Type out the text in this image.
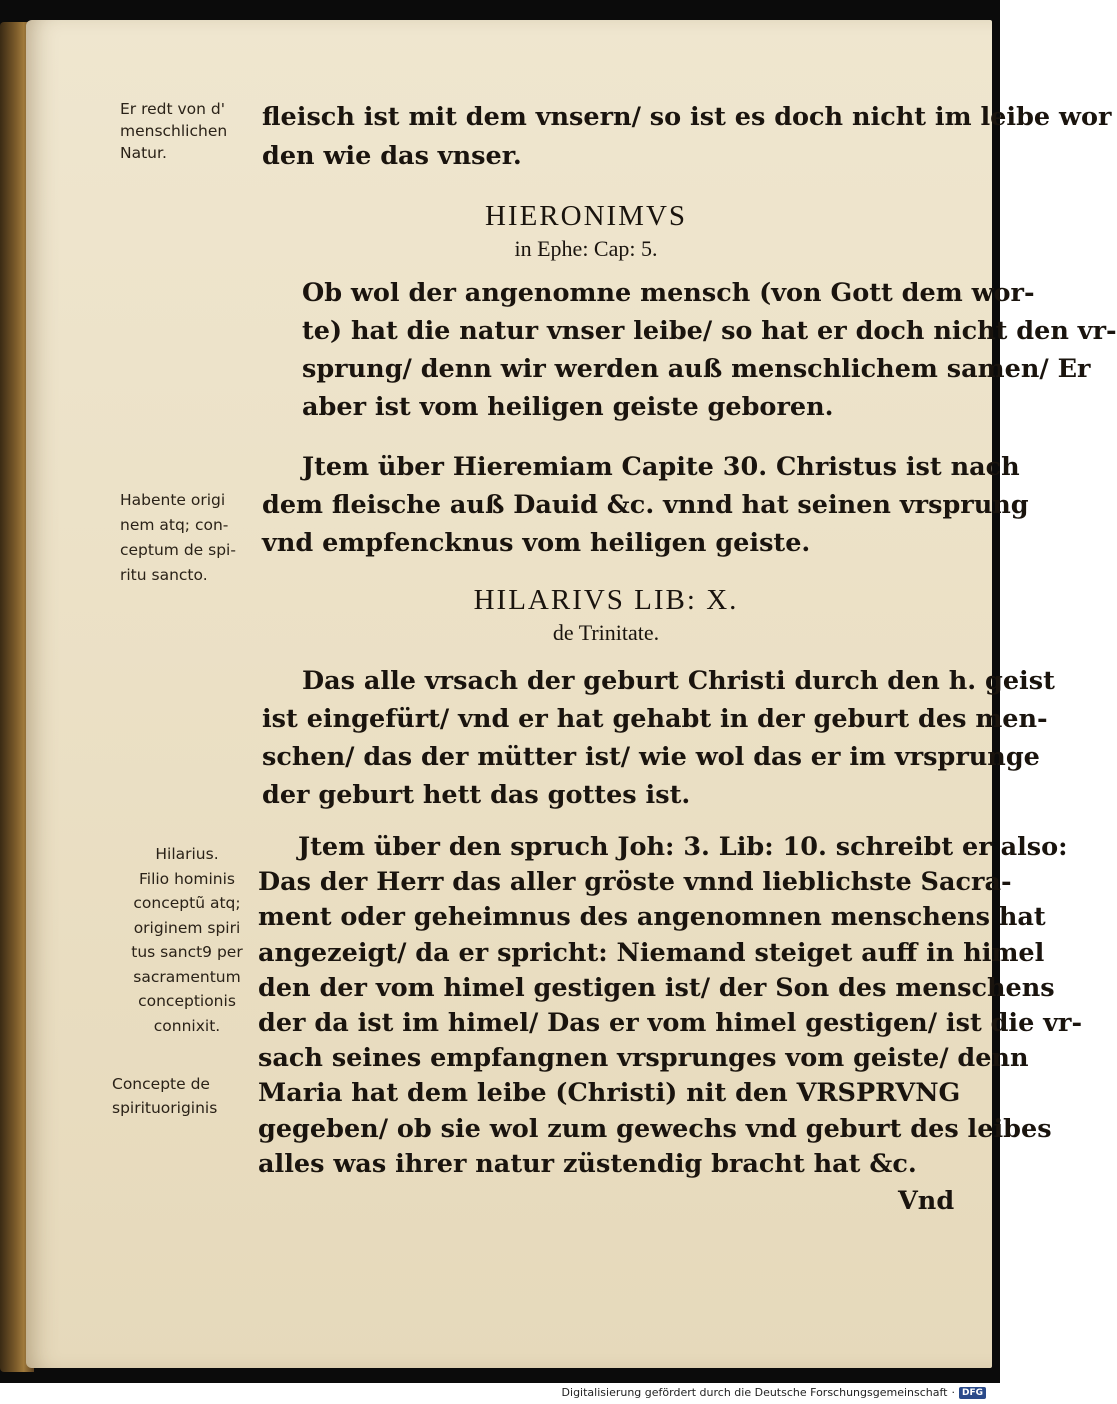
Er redt von d'
menschlichen
Natur.
Habente origi
nem atq; con-
ceptum de spi-
ritu sancto.
Hilarius.
Filio hominis
conceptũ atq;
originem spiri
tus sanct9 per
sacramentum
conceptionis
connixit.
Concepte de
spirituoriginis
fleisch ist mit dem vnsern/ so ist es doch nicht im leibe wor
den wie das vnser.
HIERONIMVS
in Ephe: Cap: 5.
Ob wol der angenomne mensch (von Gott dem wor-
te) hat die natur vnser leibe/ so hat er doch nicht den vr-
sprung/ denn wir werden auß menschlichem samen/ Er
aber ist vom heiligen geiste geboren.
Jtem über Hieremiam Capite 30. Christus ist nach
dem fleische auß Dauid &c. vnnd hat seinen vrsprung
vnd empfencknus vom heiligen geiste.
HILARIVS LIB: X.
de Trinitate.
Das alle vrsach der geburt Christi durch den h. geist
ist eingefürt/ vnd er hat gehabt in der geburt des men-
schen/ das der mütter ist/ wie wol das er im vrsprunge
der geburt hett das gottes ist.
Jtem über den spruch Joh: 3. Lib: 10. schreibt er also:
Das der Herr das aller gröste vnnd lieblichste Sacra-
ment oder geheimnus des angenomnen menschens hat
angezeigt/ da er spricht: Niemand steiget auff in himel
den der vom himel gestigen ist/ der Son des menschens
der da ist im himel/ Das er vom himel gestigen/ ist die vr-
sach seines empfangnen vrsprunges vom geiste/ denn
Maria hat dem leibe (Christi) nit den VRSPRVNG
gegeben/ ob sie wol zum gewechs vnd geburt des leibes
alles was ihrer natur züstendig bracht hat &c.
Vnd
Digitalisierung gefördert durch die Deutsche Forschungsgemeinschaft · DFG
